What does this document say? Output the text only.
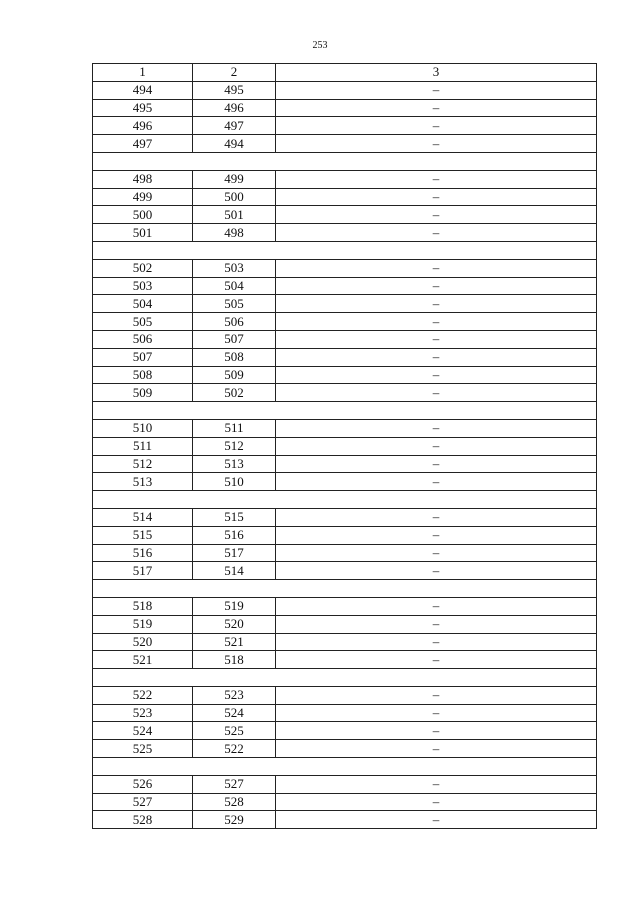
253
1	2	3
494	495	–
495	496	–
496	497	–
497	494	–

498	499	–
499	500	–
500	501	–
501	498	–

502	503	–
503	504	–
504	505	–
505	506	–
506	507	–
507	508	–
508	509	–
509	502	–

510	511	–
511	512	–
512	513	–
513	510	–

514	515	–
515	516	–
516	517	–
517	514	–

518	519	–
519	520	–
520	521	–
521	518	–

522	523	–
523	524	–
524	525	–
525	522	–

526	527	–
527	528	–
528	529	–
